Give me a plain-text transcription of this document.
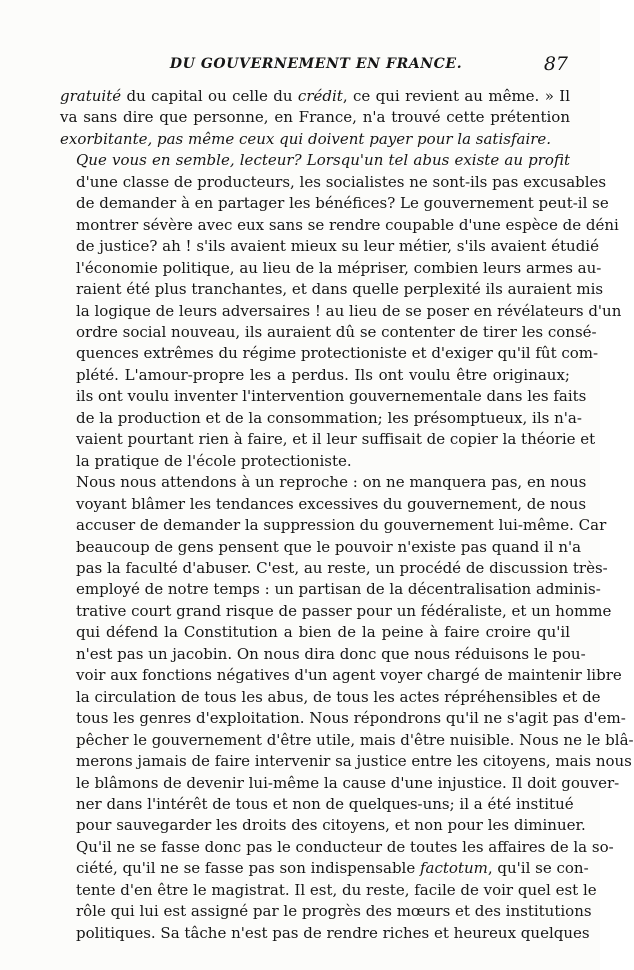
DU GOUVERNEMENT EN FRANCE.	87

gratuité du capital ou celle du crédit, ce qui revient au même. » Il
va sans dire que personne, en France, n'a trouvé cette prétention
exorbitante, pas même ceux qui doivent payer pour la satisfaire.

Que vous en semble, lecteur? Lorsqu'un tel abus existe au profit
d'une classe de producteurs, les socialistes ne sont-ils pas excusables
de demander à en partager les bénéfices? Le gouvernement peut-il se
montrer sévère avec eux sans se rendre coupable d'une espèce de déni
de justice? ah ! s'ils avaient mieux su leur métier, s'ils avaient étudié
l'économie politique, au lieu de la mépriser, combien leurs armes au-
raient été plus tranchantes, et dans quelle perplexité ils auraient mis
la logique de leurs adversaires ! au lieu de se poser en révélateurs d'un
ordre social nouveau, ils auraient dû se contenter de tirer les consé-
quences extrêmes du régime protectioniste et d'exiger qu'il fût com-
plété. L'amour-propre les a perdus. Ils ont voulu être originaux;
ils ont voulu inventer l'intervention gouvernementale dans les faits
de la production et de la consommation; les présomptueux, ils n'a-
vaient pourtant rien à faire, et il leur suffisait de copier la théorie et
la pratique de l'école protectioniste.

Nous nous attendons à un reproche : on ne manquera pas, en nous
voyant blâmer les tendances excessives du gouvernement, de nous
accuser de demander la suppression du gouvernement lui-même. Car
beaucoup de gens pensent que le pouvoir n'existe pas quand il n'a
pas la faculté d'abuser. C'est, au reste, un procédé de discussion très-
employé de notre temps : un partisan de la décentralisation adminis-
trative court grand risque de passer pour un fédéraliste, et un homme
qui défend la Constitution a bien de la peine à faire croire qu'il
n'est pas un jacobin. On nous dira donc que nous réduisons le pou-
voir aux fonctions négatives d'un agent voyer chargé de maintenir libre
la circulation de tous les abus, de tous les actes répréhensibles et de
tous les genres d'exploitation. Nous répondrons qu'il ne s'agit pas d'em-
pêcher le gouvernement d'être utile, mais d'être nuisible. Nous ne le blâ-
merons jamais de faire intervenir sa justice entre les citoyens, mais nous
le blâmons de devenir lui-même la cause d'une injustice. Il doit gouver-
ner dans l'intérêt de tous et non de quelques-uns; il a été institué
pour sauvegarder les droits des citoyens, et non pour les diminuer.
Qu'il ne se fasse donc pas le conducteur de toutes les affaires de la so-
ciété, qu'il ne se fasse pas son indispensable factotum, qu'il se con-
tente d'en être le magistrat. Il est, du reste, facile de voir quel est le
rôle qui lui est assigné par le progrès des mœurs et des institutions
politiques. Sa tâche n'est pas de rendre riches et heureux quelques
